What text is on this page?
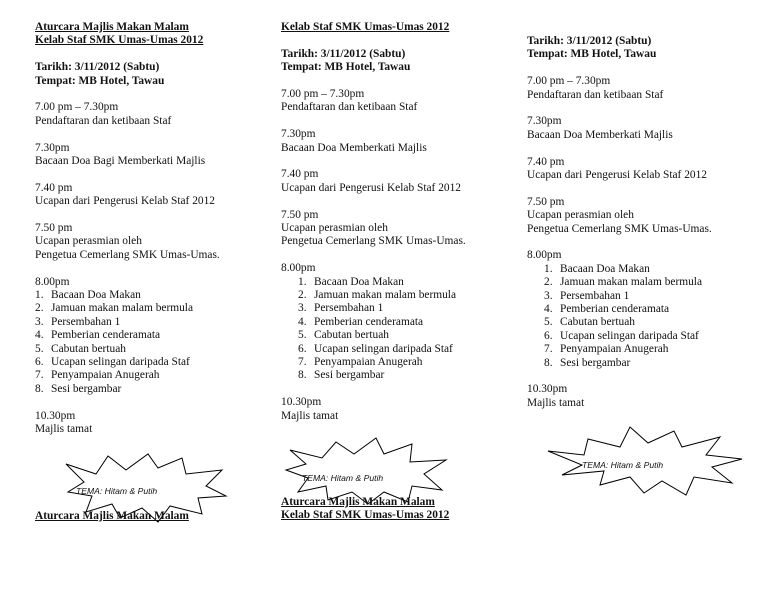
Aturcara Majlis Makan Malam

Kelab Staf SMK Umas-Umas 2012

Tarikh: 3/11/2012 (Sabtu)

Tempat: MB Hotel, Tawau

7.00 pm – 7.30pm

Pendaftaran dan ketibaan Staf

7.30pm

Bacaan Doa Bagi Memberkati Majlis

7.40 pm

Ucapan dari Pengerusi Kelab Staf 2012

7.50 pm

Ucapan perasmian oleh

Pengetua Cemerlang SMK Umas-Umas.

8.00pm

1. Bacaan Doa Makan
2. Jamuan makan malam bermula
3. Persembahan 1
4. Pemberian cenderamata
5. Cabutan bertuah
6. Ucapan selingan daripada Staf
7. Penyampaian Anugerah
8. Sesi bergambar

10.30pm

Majlis tamat

TEMA: Hitam & Putih
Aturcara Majlis Makan Malam

Kelab Staf SMK Umas-Umas 2012

Tarikh: 3/11/2012 (Sabtu)

Tempat: MB Hotel, Tawau

7.00 pm – 7.30pm

Pendaftaran dan ketibaan Staf

7.30pm

Bacaan Doa Memberkati Majlis

7.40 pm

Ucapan dari Pengerusi Kelab Staf 2012

7.50 pm

Ucapan perasmian oleh

Pengetua Cemerlang SMK Umas-Umas.

8.00pm

1. Bacaan Doa Makan
2. Jamuan makan malam bermula
3. Persembahan 1
4. Pemberian cenderamata
5. Cabutan bertuah
6. Ucapan selingan daripada Staf
7. Penyampaian Anugerah
8. Sesi bergambar

10.30pm

Majlis tamat

TEMA: Hitam & Putih
Aturcara Majlis Makan Malam
Kelab Staf SMK Umas-Umas 2012

Tarikh: 3/11/2012 (Sabtu)

Tempat: MB Hotel, Tawau

7.00 pm – 7.30pm

Pendaftaran dan ketibaan Staf

7.30pm

Bacaan Doa Memberkati Majlis

7.40 pm

Ucapan dari Pengerusi Kelab Staf 2012

7.50 pm

Ucapan perasmian oleh

Pengetua Cemerlang SMK Umas-Umas.

8.00pm

1. Bacaan Doa Makan
2. Jamuan makan malam bermula
3. Persembahan 1
4. Pemberian cenderamata
5. Cabutan bertuah
6. Ucapan selingan daripada Staf
7. Penyampaian Anugerah
8. Sesi bergambar

10.30pm

Majlis tamat

TEMA: Hitam & Putih
